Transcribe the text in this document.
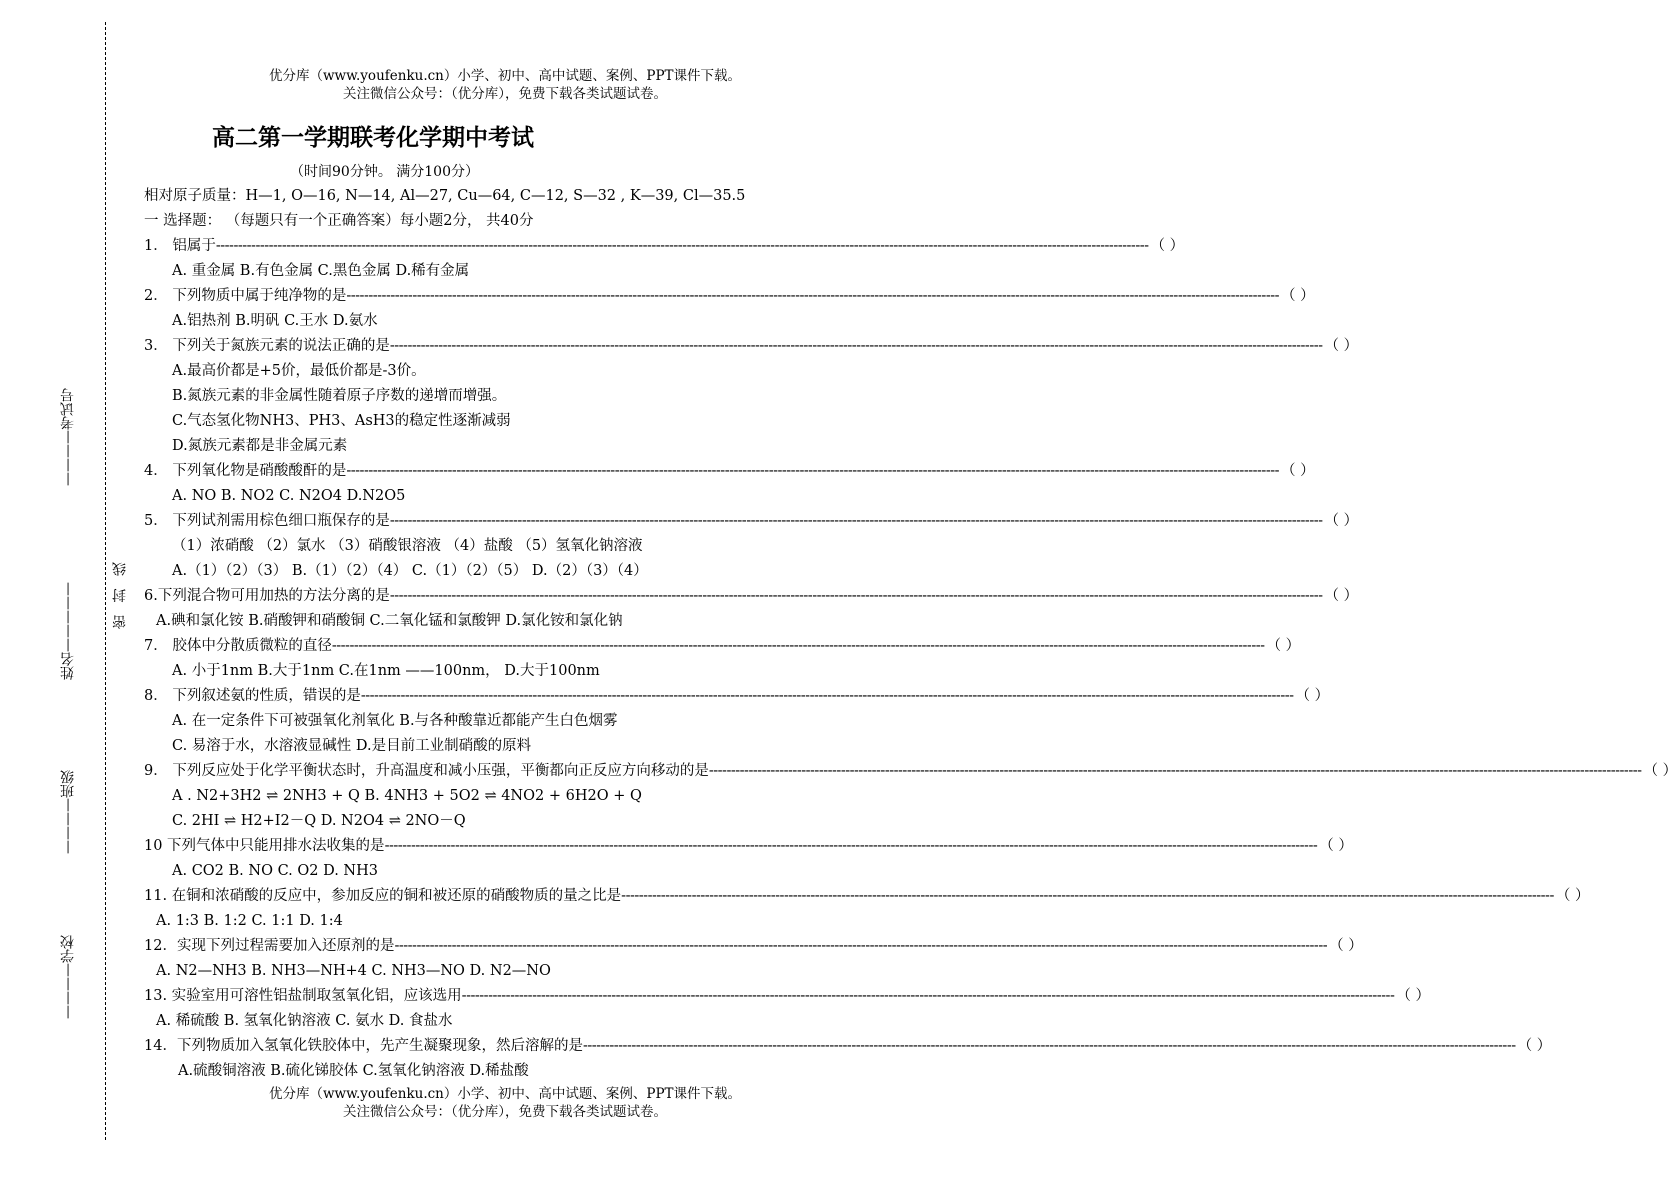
————考试号
密 封 线
姓名—————
————班级
————学校
优分库（www.youfenku.cn）小学、初中、高中试题、案例、PPT课件下载。
关注微信公众号：（优分库），免费下载各类试题试卷。
高二第一学期联考化学期中考试
（时间90分钟。 满分100分）
相对原子质量：H—1, O—16, N—14, Al—27, Cu—64, C—12, S—32 , K—39, Cl—35.5
一 选择题： （每题只有一个正确答案）每小题2分， 共40分
1． 铝属于 -------------------------------------------------------------------------------------------------------------------------------------------------------------------------------------------------------------------- （ ）
A. 重金属 B.有色金属 C.黑色金属 D.稀有金属
2． 下列物质中属于纯净物的是 -------------------------------------------------------------------------------------------------------------------------------------------------------------------------------------------------------------------- （ ）
A.铝热剂 B.明矾 C.王水 D.氨水
3． 下列关于氮族元素的说法正确的是 -------------------------------------------------------------------------------------------------------------------------------------------------------------------------------------------------------------------- （ ）
A.最高价都是+5价，最低价都是-3价。
B.氮族元素的非金属性随着原子序数的递增而增强。
C.气态氢化物NH3、PH3、AsH3的稳定性逐渐减弱
D.氮族元素都是非金属元素
4． 下列氧化物是硝酸酸酐的是 -------------------------------------------------------------------------------------------------------------------------------------------------------------------------------------------------------------------- （ ）
A. NO B. NO2 C. N2O4 D.N2O5
5． 下列试剂需用棕色细口瓶保存的是 -------------------------------------------------------------------------------------------------------------------------------------------------------------------------------------------------------------------- （ ）
（1）浓硝酸 （2）氯水 （3）硝酸银溶液 （4）盐酸 （5）氢氧化钠溶液
A.（1）（2）（3） B.（1）（2）（4） C.（1）（2）（5） D.（2）（3）（4）
6.下列混合物可用加热的方法分离的是 -------------------------------------------------------------------------------------------------------------------------------------------------------------------------------------------------------------------- （ ）
A.碘和氯化铵 B.硝酸钾和硝酸铜 C.二氧化锰和氯酸钾 D.氯化铵和氯化钠
7． 胶体中分散质微粒的直径 -------------------------------------------------------------------------------------------------------------------------------------------------------------------------------------------------------------------- （ ）
A. 小于1nm B.大于1nm C.在1nm ——100nm， D.大于100nm
8． 下列叙述氨的性质，错误的是 -------------------------------------------------------------------------------------------------------------------------------------------------------------------------------------------------------------------- （ ）
A. 在一定条件下可被强氧化剂氧化 B.与各种酸靠近都能产生白色烟雾
C. 易溶于水，水溶液显碱性 D.是目前工业制硝酸的原料
9． 下列反应处于化学平衡状态时，升高温度和减小压强，平衡都向正反应方向移动的是 -------------------------------------------------------------------------------------------------------------------------------------------------------------------------------------------------------------------- （ ）
A . N2+3H2 ⇌ 2NH3 + Q B. 4NH3 + 5O2 ⇌ 4NO2 + 6H2O + Q
C. 2HI ⇌ H2+I2－Q D. N2O4 ⇌ 2NO－Q
10 下列气体中只能用排水法收集的是 -------------------------------------------------------------------------------------------------------------------------------------------------------------------------------------------------------------------- （ ）
A. CO2 B. NO C. O2 D. NH3
11. 在铜和浓硝酸的反应中，参加反应的铜和被还原的硝酸物质的量之比是 -------------------------------------------------------------------------------------------------------------------------------------------------------------------------------------------------------------------- （ ）
A. 1:3 B. 1:2 C. 1:1 D. 1:4
12．实现下列过程需要加入还原剂的是 -------------------------------------------------------------------------------------------------------------------------------------------------------------------------------------------------------------------- （ ）
A. N2—NH3 B. NH3—NH+4 C. NH3—NO D. N2—NO
13. 实验室用可溶性铝盐制取氢氧化铝，应该选用 -------------------------------------------------------------------------------------------------------------------------------------------------------------------------------------------------------------------- （ ）
A. 稀硫酸 B. 氢氧化钠溶液 C. 氨水 D. 食盐水
14．下列物质加入氢氧化铁胶体中，先产生凝聚现象，然后溶解的是 -------------------------------------------------------------------------------------------------------------------------------------------------------------------------------------------------------------------- （ ）
A.硫酸铜溶液 B.硫化锑胶体 C.氢氧化钠溶液 D.稀盐酸
优分库（www.youfenku.cn）小学、初中、高中试题、案例、PPT课件下载。
关注微信公众号：（优分库），免费下载各类试题试卷。
